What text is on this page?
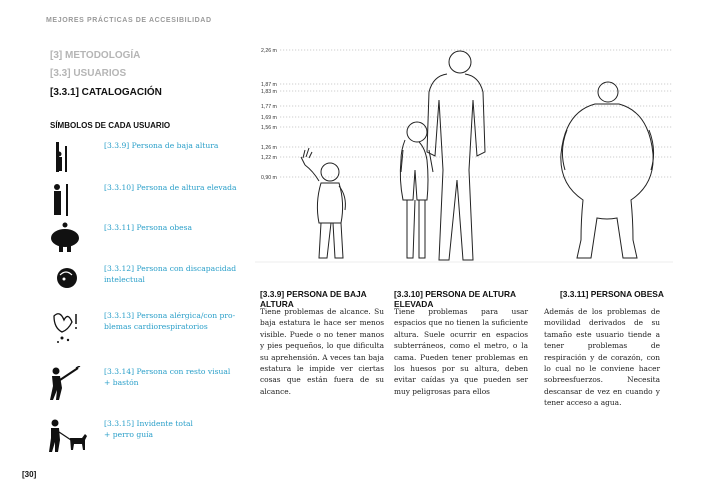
MEJORES PRÁCTICAS DE ACCESIBILIDAD
[3] METODOLOGÍA
[3.3] USUARIOS
[3.3.1] CATALOGACIÓN
SÍMBOLOS DE CADA USUARIO
[3.3.9] Persona de baja altura
[3.3.10] Persona de altura elevada
[3.3.11] Persona obesa
[3.3.12] Persona con discapacidad
intelectual
[3.3.13] Persona alérgica/con pro-
blemas cardiorespiratorios
[3.3.14] Persona con resto visual
+ bastón
[3.3.15] Invidente total
+ perro guía
2,26 m
1,87 m
1,83 m
1,77 m
1,69 m
1,56 m
1,26 m
1,22 m
0,90 m
[3.3.9] PERSONA DE BAJA ALTURA
Tiene problemas de alcance. Su baja estatura le hace ser menos visible. Puede o no tener manos y pies pequeños, lo que dificulta su aprehensión. A veces tan baja estatura le impide ver ciertas cosas que están fuera de su alcance.
[3.3.10] PERSONA DE ALTURA ELEVADA
Tiene problemas para usar espacios que no tienen la suficiente altura. Suele ocurrir en espacios subterráneos, como el metro, o la cama. Pueden tener problemas en los huesos por su altura, deben evitar caídas ya que pueden ser muy peligrosas para ellos
[3.3.11] PERSONA OBESA
Además de los problemas de movilidad derivados de su tamaño este usuario tiende a tener problemas de respiración y de corazón, con lo cual no le conviene hacer sobreesfuerzos. Necesita descansar de vez en cuando y tener acceso a agua.
[30]
